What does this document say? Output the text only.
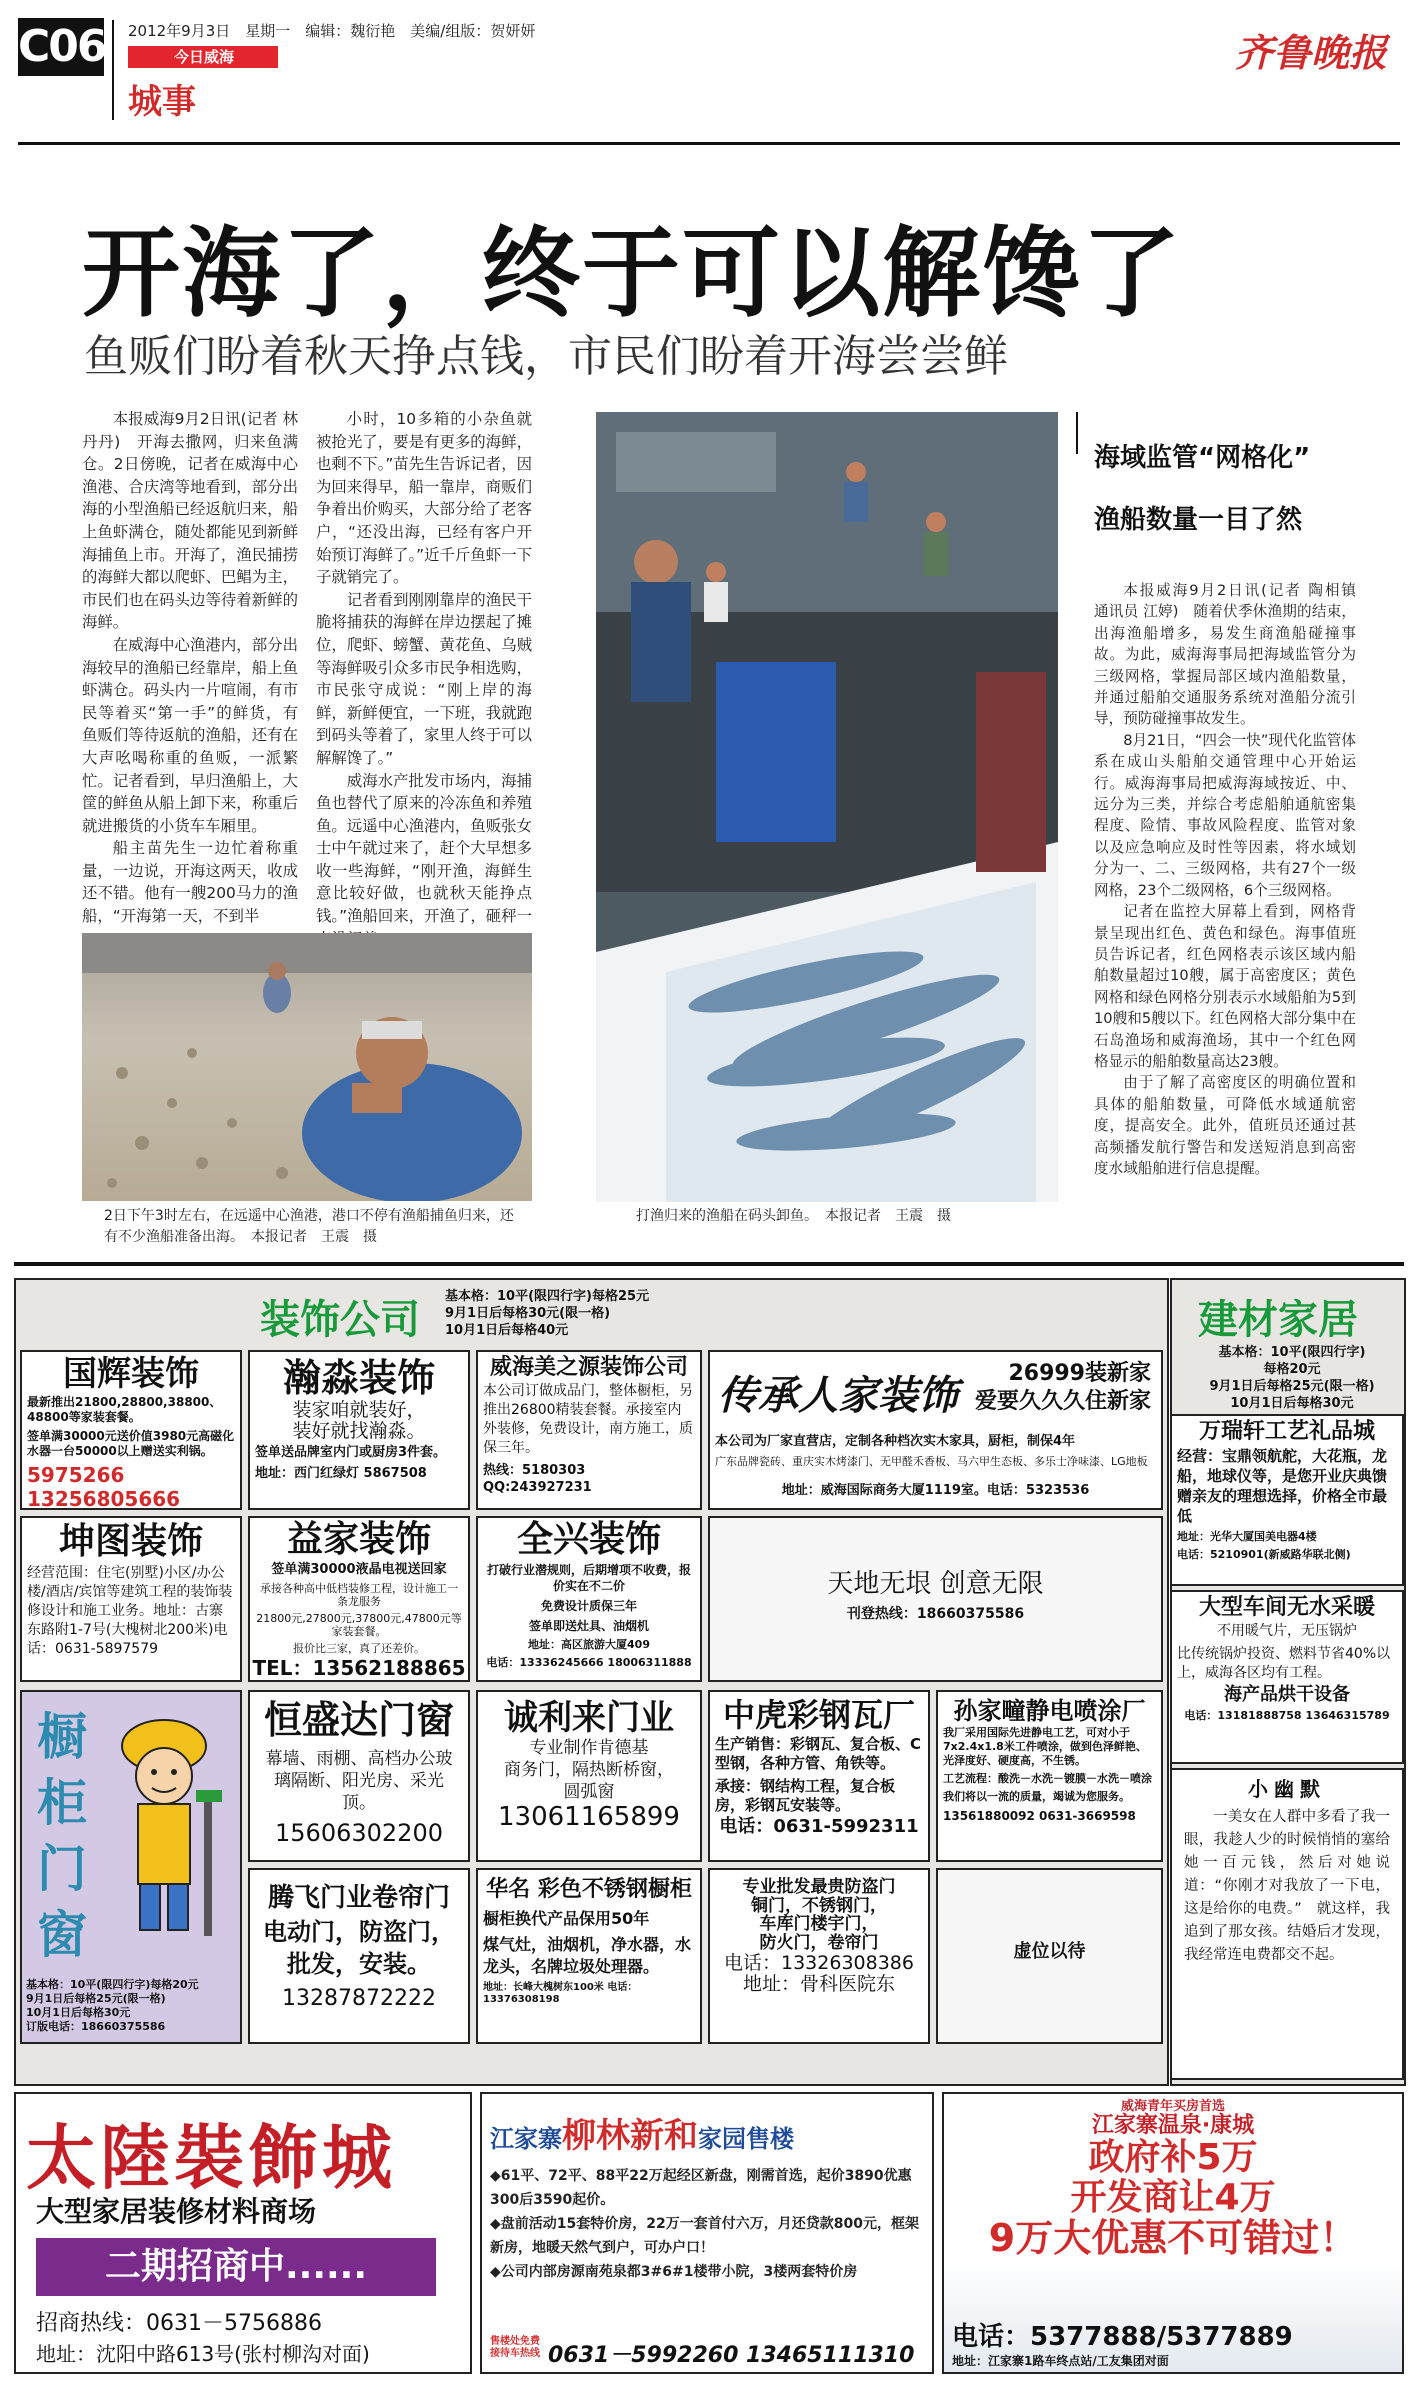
C06 2012年9月3日　星期一　编辑：魏衍艳　美编/组版：贺妍妍
今日威海
城事
齐鲁晚报
开海了，终于可以解馋了
鱼贩们盼着秋天挣点钱，市民们盼着开海尝尝鲜

本报威海9月2日讯(记者 林丹丹)　开海去撒网，归来鱼满仓。2日傍晚，记者在威海中心渔港、合庆湾等地看到，部分出海的小型渔船已经返航归来，船上鱼虾满仓，随处都能见到新鲜海捕鱼上市。开海了，渔民捕捞的海鲜大都以爬虾、巴鲳为主，市民们也在码头边等待着新鲜的海鲜。

在威海中心渔港内，部分出海较早的渔船已经靠岸，船上鱼虾满仓。码头内一片喧闹，有市民等着买“第一手”的鲜货，有鱼贩们等待返航的渔船，还有在大声吆喝称重的鱼贩，一派繁忙。记者看到，早归渔船上，大筐的鲜鱼从船上卸下来，称重后就进搬货的小货车车厢里。

船主苗先生一边忙着称重量，一边说，开海这两天，收成还不错。他有一艘200马力的渔船，“开海第一天，不到半

小时，10多箱的小杂鱼就被抢光了，要是有更多的海鲜，也剩不下。”苗先生告诉记者，因为回来得早，船一靠岸，商贩们争着出价购买，大部分给了老客户，“还没出海，已经有客户开始预订海鲜了。”近千斤鱼虾一下子就销完了。

记者看到刚刚靠岸的渔民干脆将捕获的海鲜在岸边摆起了摊位，爬虾、螃蟹、黄花鱼、乌贼等海鲜吸引众多市民争相选购，市民张守成说：“刚上岸的海鲜，新鲜便宜，一下班，我就跑到码头等着了，家里人终于可以解解馋了。”

威海水产批发市场内，海捕鱼也替代了原来的冷冻鱼和养殖鱼。远遥中心渔港内，鱼贩张女士中午就过来了，赶个大早想多收一些海鲜，“刚开渔，海鲜生意比较好做，也就秋天能挣点钱。”渔船回来，开渔了，砸秤一

2日下午3时左右，在远遥中心渔港，港口不停有渔船捕鱼归来，还有不少渔船准备出海。　本报记者　王震　摄
打渔归来的渔船在码头卸鱼。　本报记者　王震　摄
海域监管“网格化”
渔船数量一目了然

本报威海9月2日讯(记者 陶相镇　通讯员 江婷)　随着伏季休渔期的结束，出海渔船增多，易发生商渔船碰撞事故。为此，威海海事局把海域监管分为三级网格，掌握局部区域内渔船数量，并通过船舶交通服务系统对渔船分流引导，预防碰撞事故发生。

8月21日，“四会一快”现代化监管体系在成山头船舶交通管理中心开始运行。威海海事局把威海海域按近、中、远分为三类，并综合考虑船舶通航密集程度、险情、事故风险程度、监管对象以及应急响应及时性等因素，将水域划分为一、二、三级网格，共有27个一级网格，23个二级网格，6个三级网格。

记者在监控大屏幕上看到，网格背景呈现出红色、黄色和绿色。海事值班员告诉记者，红色网格表示该区域内船舶数量超过10艘，属于高密度区；黄色网格和绿色网格分别表示水域船舶为5到10艘和5艘以下。红色网格大部分集中在石岛渔场和威海渔场，其中一个红色网格显示的船舶数量高达23艘。

由于了解了高密度区的明确位置和具体的船舶数量，可降低水域通航密度，提高安全。此外，值班员还通过甚高频播发航行警告和发送短消息到高密度水域船舶进行信息提醒。

装饰公司
基本格：10平(限四行字)每格25元
9月1日后每格30元(限一格)
10月1日后每格40元	建材家居
基本格：10平(限四行字)
每格20元
9月1日后每格25元(限一格)
10月1日后每格30元
国辉装饰
最新推出21800,28800,38800、48800等家装套餐。
签单满30000元送价值3980元高磁化水器一台50000以上赠送实利锅。
5975266 13256805666
瀚淼装饰
装家咱就装好，
装好就找瀚淼。
签单送品牌室内门或厨房3件套。
地址：西门红绿灯 5867508
威海美之源装饰公司
本公司订做成品门，整体橱柜，另推出26800精装套餐。承接室内外装修，免费设计，南方施工，质保三年。
热线：5180303 QQ:243927231
传承人家装饰 26999装新家
爱要久久久住新家
本公司为厂家直营店，定制各种档次实木家具，厨柜，制保4年
广东品牌瓷砖、重庆实木烤漆门、无甲醛禾香板、马六甲生态板、多乐士净味漆、LG地板
地址：威海国际商务大厦1119室。电话：5323536
万瑞轩工艺礼品城
经营：宝鼎领航舵，大花瓶，龙船，地球仪等，是您开业庆典馈赠亲友的理想选择，价格全市最低
地址：光华大厦国美电器4楼
电话：5210901(新威路华联北侧)
坤图装饰
经营范围：住宅(别墅)小区/办公楼/酒店/宾馆等建筑工程的装饰装修设计和施工业务。地址：古寨东路附1-7号(大槐树北200米)电话：0631-5897579
益家装饰
签单满30000液晶电视送回家
承接各种高中低档装修工程，设计施工一条龙服务
21800元,27800元,37800元,47800元等家装套餐。
报价比三家，真了还差价。
TEL：13562188865
全兴装饰
打破行业潜规则，后期增项不收费，报价实在不二价
免费设计质保三年
签单即送灶具、油烟机
地址：高区旅游大厦409
电话：13336245666 18006311888
天地无垠 创意无限
刊登热线：18660375586	大型车间无水采暖
不用暖气片，无压锅炉
比传统锅炉投资、燃料节省40%以上，威海各区均有工程。
海产品烘干设备
电话：13181888758 13646315789
橱柜门窗
基本格：10平(限四行字)每格20元
9月1日后每格25元(限一格)
10月1日后每格30元
订版电话：18660375586
恒盛达门窗
幕墙、雨棚、高档办公玻璃隔断、阳光房、采光顶。
15606302200
诚利来门业
专业制作肯德基
商务门，隔热断桥窗，
圆弧窗
13061165899
中虎彩钢瓦厂
生产销售：彩钢瓦、复合板、C型钢，各种方管、角铁等。
承接：钢结构工程，复合板房，彩钢瓦安装等。
电话：0631-5992311
孙家疃静电喷涂厂
我厂采用国际先进静电工艺，可对小于7x2.4x1.8米工件喷涂，做到色泽鲜艳、光泽度好、硬度高，不生锈。
工艺流程：酸洗－水洗－镀膜－水洗－喷涂
我们将以一流的质量，竭诚为您服务。
13561880092 0631-3669598
小幽默
一美女在人群中多看了我一眼，我趁人少的时候悄悄的塞给她一百元钱，然后对她说道：“你刚才对我放了一下电，这是给你的电费。”　就这样，我追到了那女孩。结婚后才发现，我经常连电费都交不起。
腾飞门业卷帘门
电动门，防盗门，
批发，安装。
13287872222
华名 彩色不锈钢橱柜
橱柜换代产品保用50年
煤气灶，油烟机，净水器，水龙头，名牌垃圾处理器。
地址：长峰大槐树东100米 电话：13376308198
专业批发最贵防盗门
铜门，不锈钢门，
车库门楼宇门，
防火门，卷帘门
电话：13326308386
地址：骨科医院东
虚位以待
太陸裝飾城
大型家居装修材料商场
二期招商中......
招商热线：0631－5756886
地址：沈阳中路613号(张村柳沟对面)
江家寨柳林新和家园售楼
◆61平、72平、88平22万起经区新盘，刚需首选，起价3890优惠300后3590起价。
◆盘前活动15套特价房，22万一套首付六万，月还贷款800元，框架新房，地暖天然气到户，可办户口！
◆公司内部房源南苑泉都3#6#1楼带小院，3楼两套特价房
售楼处免费接待车热线 0631－5992260 13465111310
威海青年买房首选
江家寨温泉·康城
政府补5万
开发商让4万
9万大优惠不可错过！
电话：5377888/5377889
地址：江家寨1路车终点站/工友集团对面
